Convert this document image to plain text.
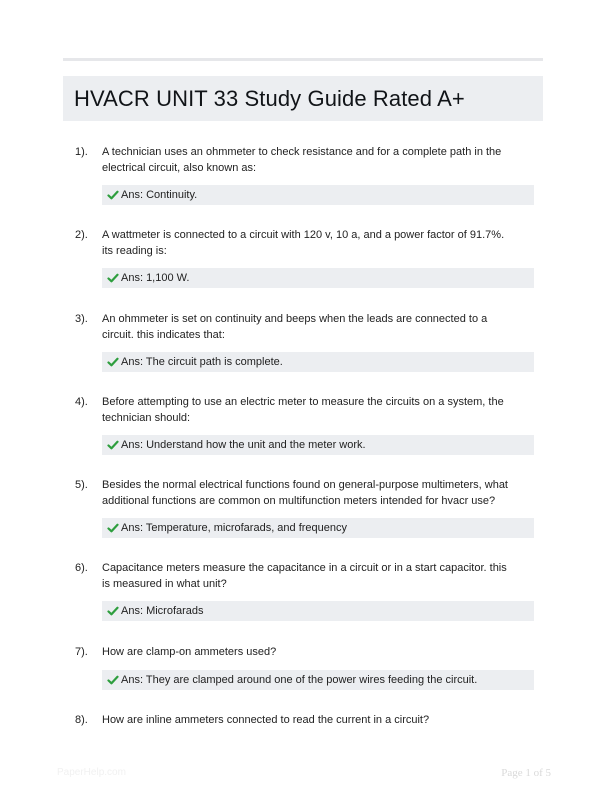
HVACR UNIT 33 Study Guide Rated A+
1). A technician uses an ohmmeter to check resistance and for a complete path in the electrical circuit, also known as:
Ans: Continuity.
2). A wattmeter is connected to a circuit with 120 v, 10 a, and a power factor of 91.7%. its reading is:
Ans: 1,100 W.
3). An ohmmeter is set on continuity and beeps when the leads are connected to a circuit. this indicates that:
Ans: The circuit path is complete.
4). Before attempting to use an electric meter to measure the circuits on a system, the technician should:
Ans: Understand how the unit and the meter work.
5). Besides the normal electrical functions found on general-purpose multimeters, what additional functions are common on multifunction meters intended for hvacr use?
Ans: Temperature, microfarads, and frequency
6). Capacitance meters measure the capacitance in a circuit or in a start capacitor. this is measured in what unit?
Ans: Microfarads
7). How are clamp-on ammeters used?
Ans: They are clamped around one of the power wires feeding the circuit.
8). How are inline ammeters connected to read the current in a circuit?
PaperHelp.com	Page 1 of 5
